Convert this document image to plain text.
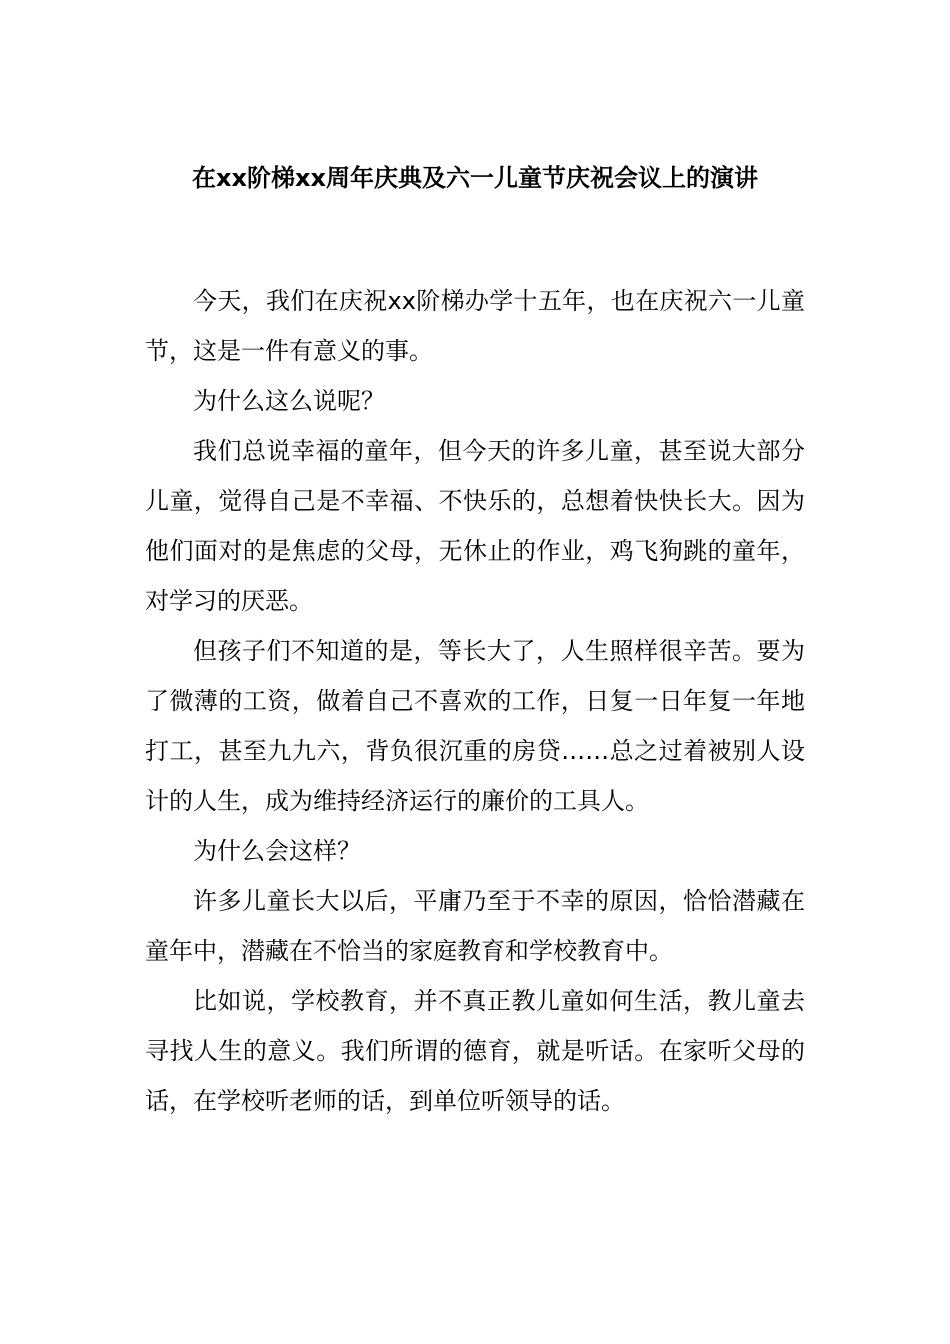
在xx阶梯xx周年庆典及六一儿童节庆祝会议上的演讲

今天，我们在庆祝xx阶梯办学十五年，也在庆祝六一儿童节，这是一件有意义的事。

为什么这么说呢？

我们总说幸福的童年，但今天的许多儿童，甚至说大部分儿童，觉得自己是不幸福、不快乐的，总想着快快长大。因为他们面对的是焦虑的父母，无休止的作业，鸡飞狗跳的童年，对学习的厌恶。

但孩子们不知道的是，等长大了，人生照样很辛苦。要为了微薄的工资，做着自己不喜欢的工作，日复一日年复一年地打工，甚至九九六，背负很沉重的房贷……总之过着被别人设计的人生，成为维持经济运行的廉价的工具人。

为什么会这样？

许多儿童长大以后，平庸乃至于不幸的原因，恰恰潜藏在童年中，潜藏在不恰当的家庭教育和学校教育中。

比如说，学校教育，并不真正教儿童如何生活，教儿童去寻找人生的意义。我们所谓的德育，就是听话。在家听父母的话，在学校听老师的话，到单位听领导的话。
